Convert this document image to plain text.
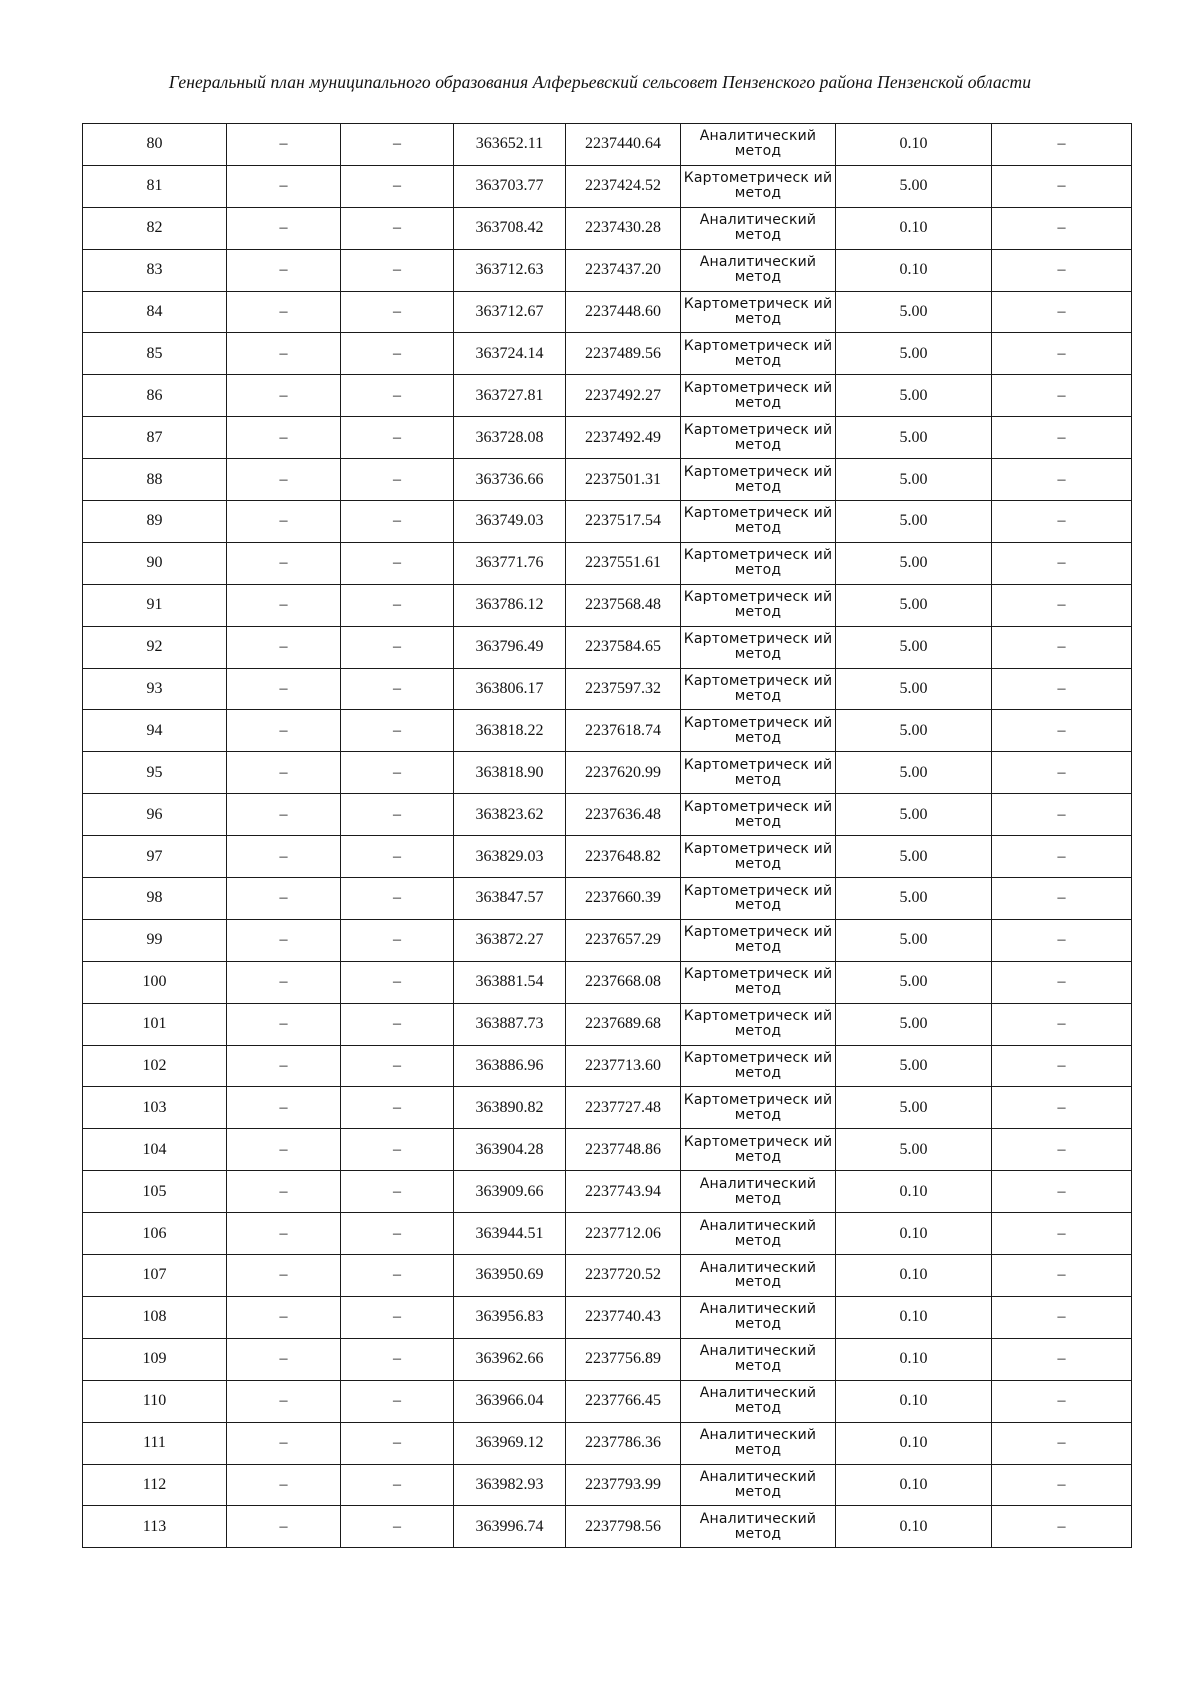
Генеральный план муниципального образования Алферьевский сельсовет Пензенского района Пензенской области
80	–	–	363652.11	2237440.64	Аналитический метод	0.10	–
81	–	–	363703.77	2237424.52	Картометрическ ий метод	5.00	–
82	–	–	363708.42	2237430.28	Аналитический метод	0.10	–
83	–	–	363712.63	2237437.20	Аналитический метод	0.10	–
84	–	–	363712.67	2237448.60	Картометрическ ий метод	5.00	–
85	–	–	363724.14	2237489.56	Картометрическ ий метод	5.00	–
86	–	–	363727.81	2237492.27	Картометрическ ий метод	5.00	–
87	–	–	363728.08	2237492.49	Картометрическ ий метод	5.00	–
88	–	–	363736.66	2237501.31	Картометрическ ий метод	5.00	–
89	–	–	363749.03	2237517.54	Картометрическ ий метод	5.00	–
90	–	–	363771.76	2237551.61	Картометрическ ий метод	5.00	–
91	–	–	363786.12	2237568.48	Картометрическ ий метод	5.00	–
92	–	–	363796.49	2237584.65	Картометрическ ий метод	5.00	–
93	–	–	363806.17	2237597.32	Картометрическ ий метод	5.00	–
94	–	–	363818.22	2237618.74	Картометрическ ий метод	5.00	–
95	–	–	363818.90	2237620.99	Картометрическ ий метод	5.00	–
96	–	–	363823.62	2237636.48	Картометрическ ий метод	5.00	–
97	–	–	363829.03	2237648.82	Картометрическ ий метод	5.00	–
98	–	–	363847.57	2237660.39	Картометрическ ий метод	5.00	–
99	–	–	363872.27	2237657.29	Картометрическ ий метод	5.00	–
100	–	–	363881.54	2237668.08	Картометрическ ий метод	5.00	–
101	–	–	363887.73	2237689.68	Картометрическ ий метод	5.00	–
102	–	–	363886.96	2237713.60	Картометрическ ий метод	5.00	–
103	–	–	363890.82	2237727.48	Картометрическ ий метод	5.00	–
104	–	–	363904.28	2237748.86	Картометрическ ий метод	5.00	–
105	–	–	363909.66	2237743.94	Аналитический метод	0.10	–
106	–	–	363944.51	2237712.06	Аналитический метод	0.10	–
107	–	–	363950.69	2237720.52	Аналитический метод	0.10	–
108	–	–	363956.83	2237740.43	Аналитический метод	0.10	–
109	–	–	363962.66	2237756.89	Аналитический метод	0.10	–
110	–	–	363966.04	2237766.45	Аналитический метод	0.10	–
111	–	–	363969.12	2237786.36	Аналитический метод	0.10	–
112	–	–	363982.93	2237793.99	Аналитический метод	0.10	–
113	–	–	363996.74	2237798.56	Аналитический метод	0.10	–
